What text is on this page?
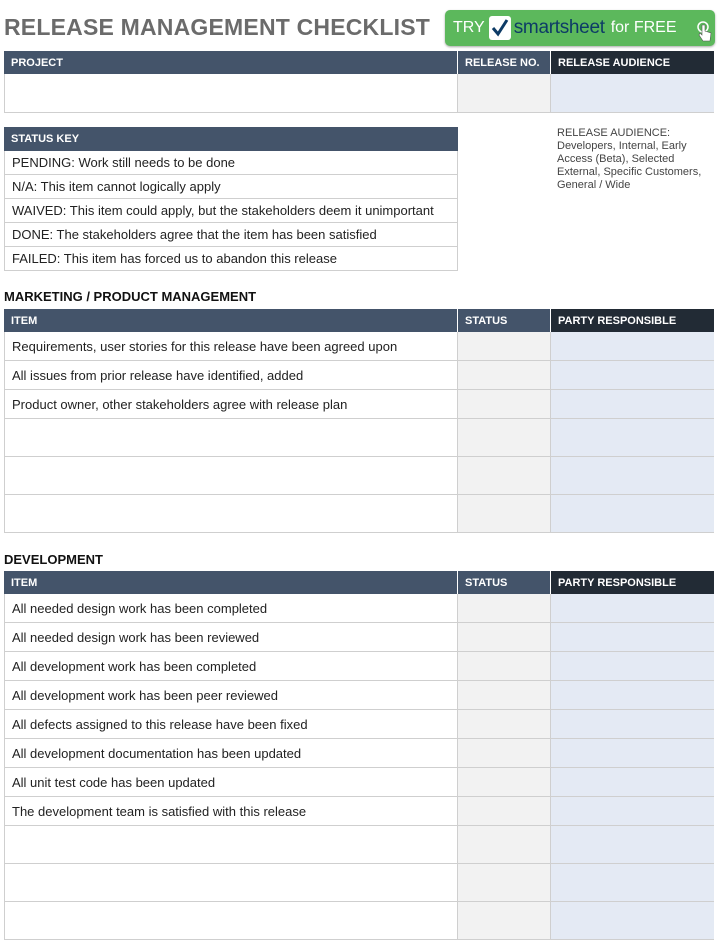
RELEASE MANAGEMENT CHECKLIST TRY smartsheet for FREE
PROJECT	RELEASE NO.	RELEASE AUDIENCE
STATUS KEY
PENDING: Work still needs to be done
N/A: This item cannot logically apply
WAIVED: This item could apply, but the stakeholders deem it unimportant
DONE: The stakeholders agree that the item has been satisfied
FAILED: This item has forced us to abandon this release
RELEASE AUDIENCE: Developers, Internal, Early Access (Beta), Selected External, Specific Customers, General / Wide
MARKETING / PRODUCT MANAGEMENT
ITEM	STATUS	PARTY RESPONSIBLE
Requirements, user stories for this release have been agreed upon
All issues from prior release have identified, added
Product owner, other stakeholders agree with release plan
DEVELOPMENT
ITEM	STATUS	PARTY RESPONSIBLE
All needed design work has been completed
All needed design work has been reviewed
All development work has been completed
All development work has been peer reviewed
All defects assigned to this release have been fixed
All development documentation has been updated
All unit test code has been updated
The development team is satisfied with this release
